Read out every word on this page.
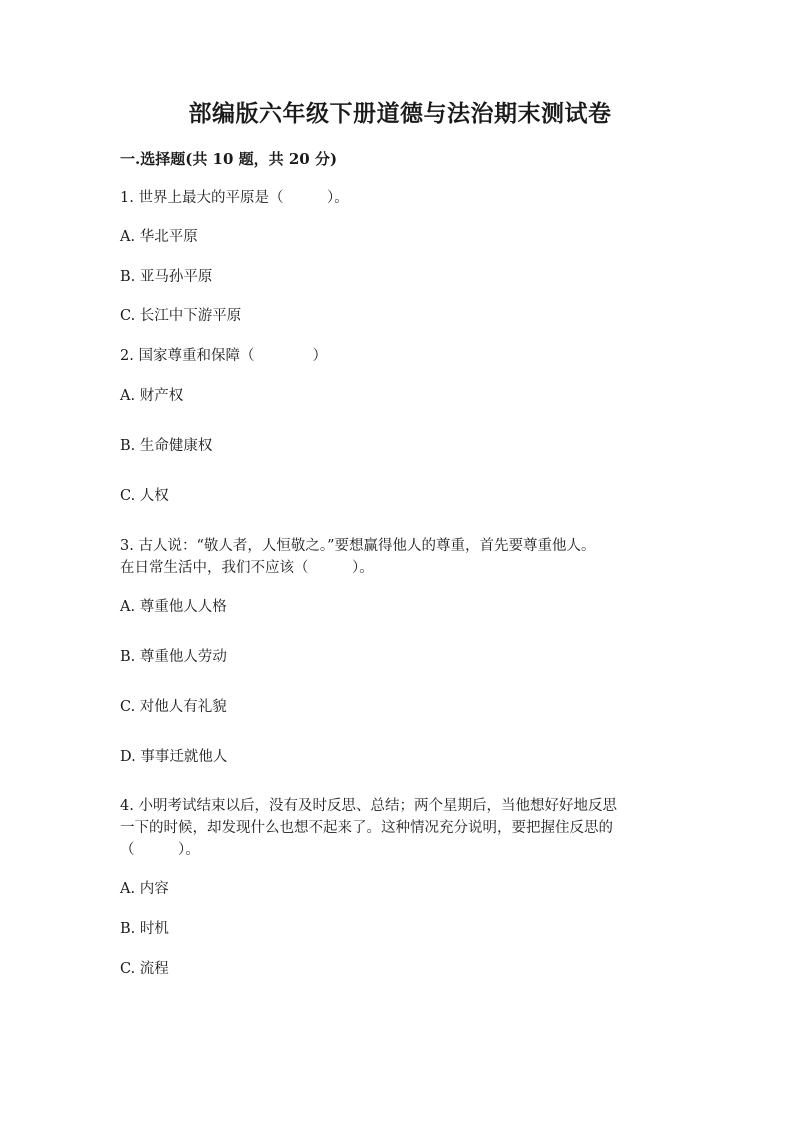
部编版六年级下册道德与法治期末测试卷
一.选择题(共 10 题，共 20 分)

1. 世界上最大的平原是（　　　）。

A. 华北平原

B. 亚马孙平原

C. 长江中下游平原

2. 国家尊重和保障（　　　　）

A. 财产权

B. 生命健康权

C. 人权

3. 古人说：“敬人者，人恒敬之。”要想赢得他人的尊重，首先要尊重他人。
在日常生活中，我们不应该（　　　）。

A. 尊重他人人格

B. 尊重他人劳动

C. 对他人有礼貌

D. 事事迁就他人

4. 小明考试结束以后，没有及时反思、总结；两个星期后，当他想好好地反思
一下的时候，却发现什么也想不起来了。这种情况充分说明，要把握住反思的
（　　　）。

A. 内容

B. 时机

C. 流程
